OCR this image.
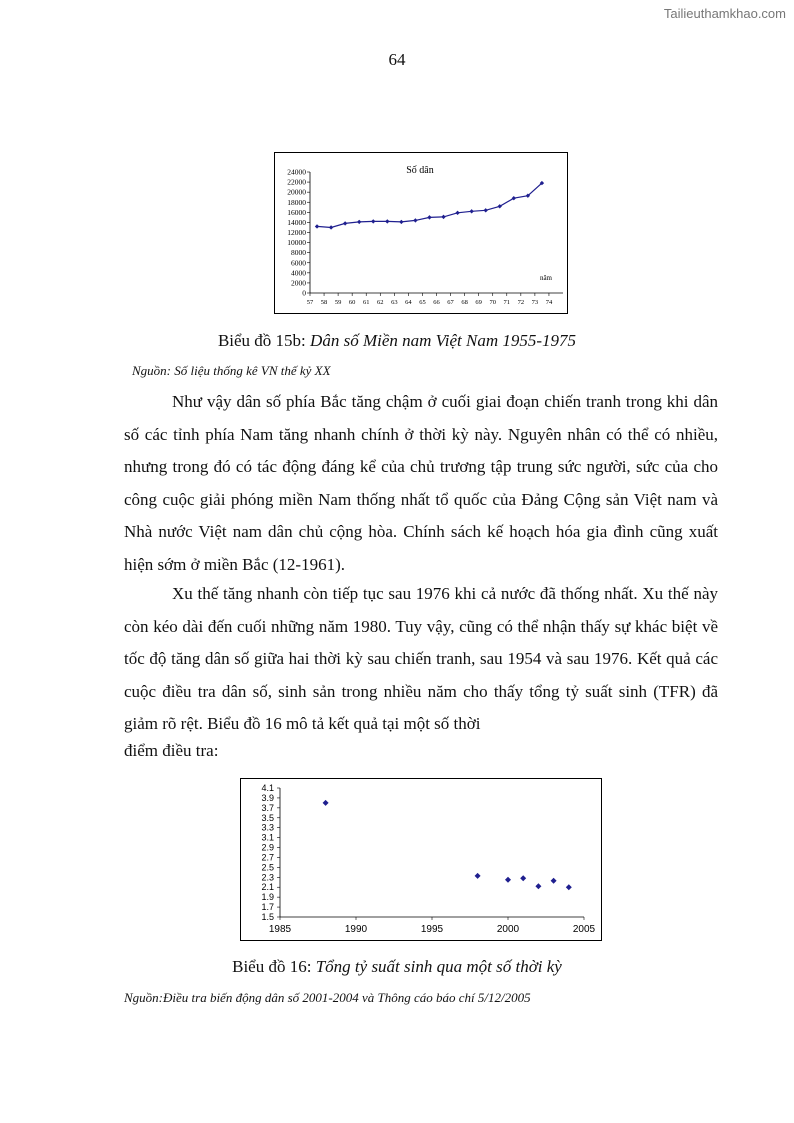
Tailieuthamkhao.com
64
Số dân
năm
0
2000
4000
6000
8000
10000
12000
14000
16000
18000
20000
22000
24000
57 58 59 60 61 62 63 64 65 66 67 68 69 70 71 72 73 74
Biểu đồ 15b: Dân số Miền nam Việt Nam 1955-1975
Nguồn: Số liệu thống kê VN thế kỷ XX

Như vậy dân số phía Bắc tăng chậm ở cuối giai đoạn chiến tranh trong khi dân số các tỉnh phía Nam tăng nhanh chính ở thời kỳ này. Nguyên nhân có thể có nhiều, nhưng trong đó có tác động đáng kể của chủ trương tập trung sức người, sức của cho công cuộc giải phóng miền Nam thống nhất tổ quốc của Đảng Cộng sản Việt nam và Nhà nước Việt nam dân chủ cộng hòa. Chính sách kế hoạch hóa gia đình cũng xuất hiện sớm ở miền Bắc (12-1961).

Xu thế tăng nhanh còn tiếp tục sau 1976 khi cả nước đã thống nhất. Xu thế này còn kéo dài đến cuối những năm 1980. Tuy vậy, cũng có thể nhận thấy sự khác biệt về tốc độ tăng dân số giữa hai thời kỳ sau chiến tranh, sau 1954 và sau 1976. Kết quả các cuộc điều tra dân số, sinh sản trong nhiều năm cho thấy tổng tỷ suất sinh (TFR) đã giảm rõ rệt. Biểu đồ 16 mô tả kết quả tại một số thời

điểm điều tra:
1.5
1.7
1.9
2.1
2.3
2.5
2.7
2.9
3.1
3.3
3.5
3.7
3.9
4.1
1985	1990	1995	2000	2005
Biểu đồ 16: Tổng tỷ suất sinh qua một số thời kỳ
Nguồn:Điều tra biến động dân số 2001-2004 và Thông cáo báo chí 5/12/2005
